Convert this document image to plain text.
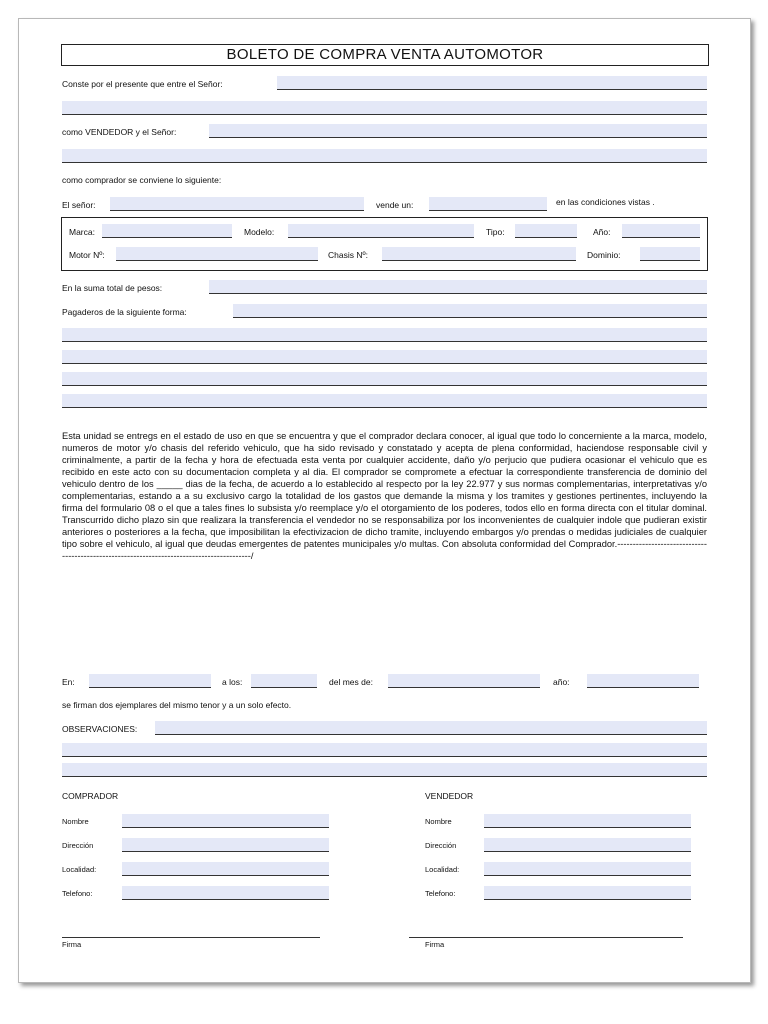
BOLETO DE COMPRA VENTA AUTOMOTOR
Conste por el presente que entre el Señor:
como VENDEDOR y el Señor:
como comprador se conviene lo siguiente:
El señor:	vende un:	en las condiciones vistas .
Marca:	Modelo:	Tipo:	Año:
Motor Nº:	Chasis Nº:	Dominio:
En la suma total de pesos:
Pagaderos de la siguiente forma:
Esta unidad se entregs en el estado de uso en que se encuentra y que el comprador declara conocer, al igual que todo lo concerniente a la marca, modelo, numeros de motor y/o chasis del referido vehiculo, que ha sido revisado y constatado y acepta de plena conformidad, haciendose responsable civil y criminalmente, a partir de la fecha y hora de efectuada esta venta por cualquier accidente, daño y/o perjucio que pudiera ocasionar el vehiculo que es recibido en este acto con su documentacion completa y al dia. El comprador se compromete a efectuar la correspondiente transferencia de dominio del vehiculo dentro de los _____ dias de la fecha, de acuerdo a lo establecido al respecto por la ley 22.977 y sus normas complementarias, interpretativas y/o complementarias, estando a a su exclusivo cargo la totalidad de los gastos que demande la misma y los tramites y gestiones pertinentes, incluyendo la firma del formulario 08 o el que a tales fines lo subsista y/o reemplace y/o el otorgamiento de los poderes, todos ello en forma directa con el titular dominal. Transcurrido dicho plazo sin que realizara la transferencia el vendedor no se responsabiliza por los inconvenientes de cualquier indole que pudieran existir anteriores o posteriores a la fecha, que imposibilitan la efectivizacion de dicho tramite, incluyendo embargos y/o prendas o medidas judiciales de cualquier tipo sobre el vehiculo, al igual que deudas emergentes de patentes municipales y/o multas. Con absoluta conformidad del Comprador.------------------------------------------------------------------------------------------/
En:	a los:	del mes de:	año:
se firman dos ejemplares del mismo tenor y a un solo efecto.
OBSERVACIONES:
COMPRADOR
Nombre
Dirección
Localidad:
Telefono:
Firma
VENDEDOR
Nombre
Dirección
Localidad:
Telefono:
Firma
